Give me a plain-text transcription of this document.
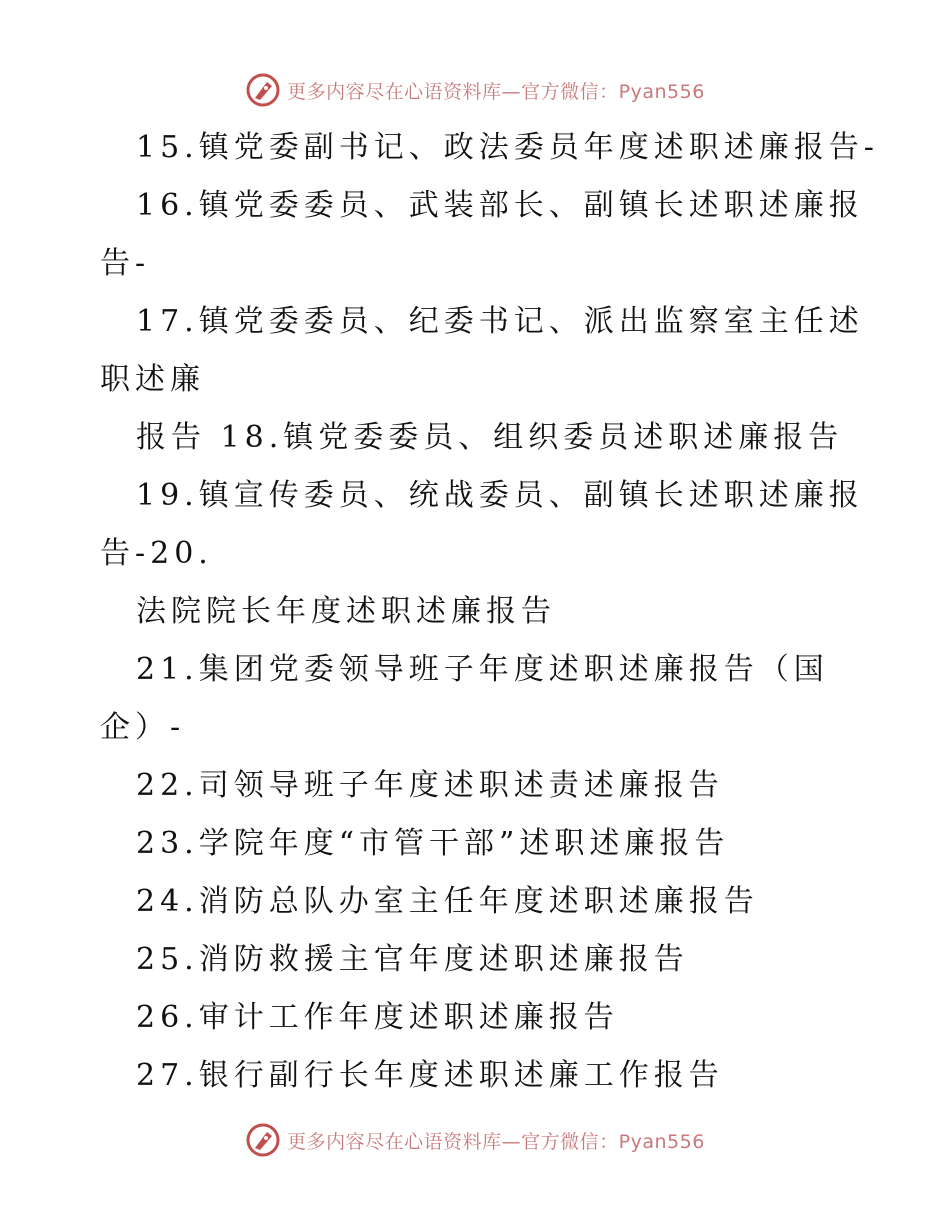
更多内容尽在心语资料库—官方微信：Pyan556
15.镇党委副书记、政法委员年度述职述廉报告-
16.镇党委委员、武装部长、副镇长述职述廉报
告-
17.镇党委委员、纪委书记、派出监察室主任述
职述廉
报告 18.镇党委委员、组织委员述职述廉报告
19.镇宣传委员、统战委员、副镇长述职述廉报
告-20.
法院院长年度述职述廉报告
21.集团党委领导班子年度述职述廉报告（国
企）-
22.司领导班子年度述职述责述廉报告
23.学院年度“市管干部”述职述廉报告
24.消防总队办室主任年度述职述廉报告
25.消防救援主官年度述职述廉报告
26.审计工作年度述职述廉报告
27.银行副行长年度述职述廉工作报告
更多内容尽在心语资料库—官方微信：Pyan556
